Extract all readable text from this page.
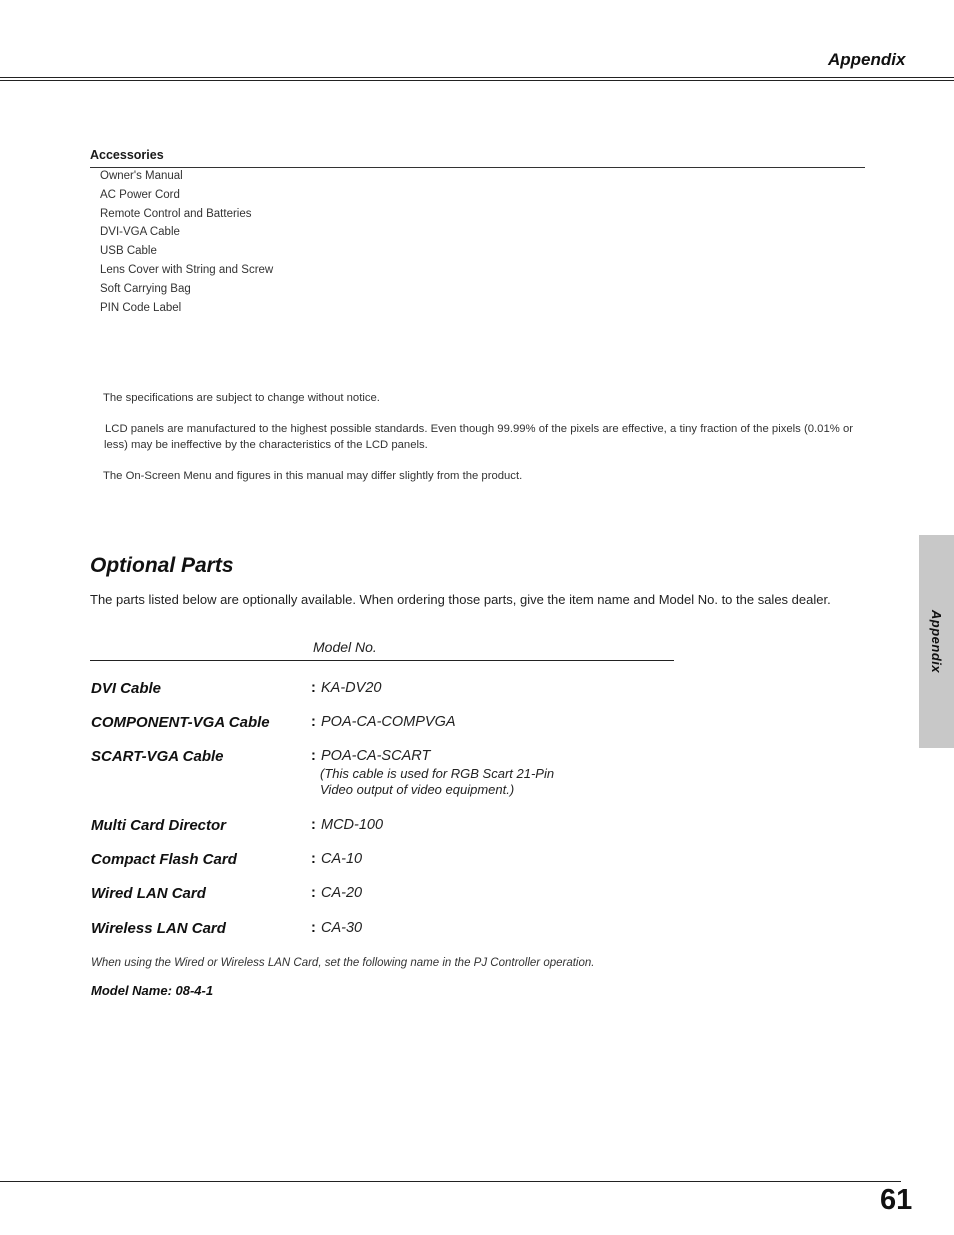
Appendix
Accessories
Owner's Manual
AC Power Cord
Remote Control and Batteries
DVI-VGA Cable
USB Cable
Lens Cover with String and Screw
Soft Carrying Bag
PIN Code Label

The specifications are subject to change without notice.

LCD panels are manufactured to the highest possible standards. Even though 99.99% of the pixels are effective, a tiny fraction of the pixels (0.01% or less) may be ineffective by the characteristics of the LCD panels.

The On-Screen Menu and figures in this manual may differ slightly from the product.

Optional Parts
The parts listed below are optionally available. When ordering those parts, give the item name and Model No. to the sales dealer.
Model No.
DVI Cable	: KA-DV20
COMPONENT-VGA Cable	: POA-CA-COMPVGA
SCART-VGA Cable	: POA-CA-SCART
(This cable is used for RGB Scart 21-Pin
Video output of video equipment.)
Multi Card Director	: MCD-100
Compact Flash Card	: CA-10
Wired LAN Card	: CA-20
Wireless LAN Card	: CA-30
When using the Wired or Wireless LAN Card, set the following name in the PJ Controller operation.
Model Name: 08-4-1
Appendix
61
